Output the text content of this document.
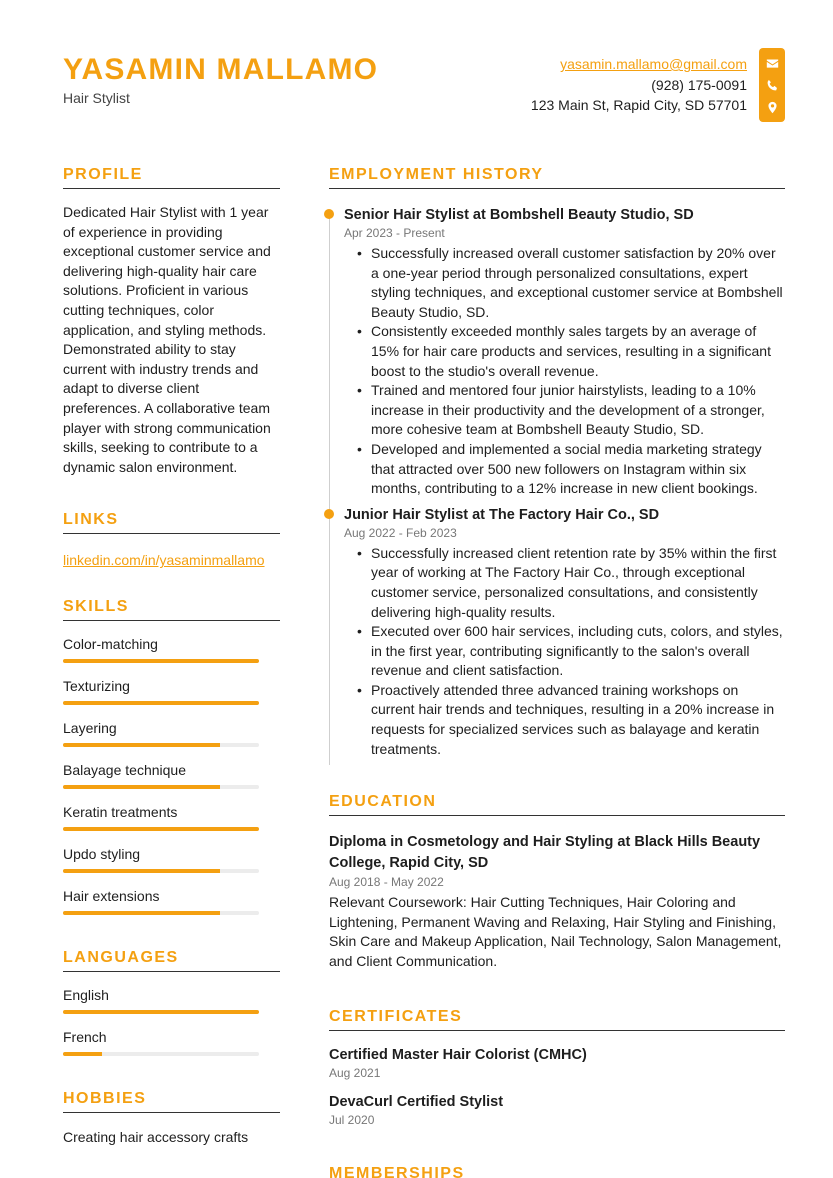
YASAMIN MALLAMO
Hair Stylist
yasamin.mallamo@gmail.com
(928) 175-0091
123 Main St, Rapid City, SD 57701
PROFILE
Dedicated Hair Stylist with 1 year of experience in providing exceptional customer service and delivering high-quality hair care solutions. Proficient in various cutting techniques, color application, and styling methods. Demonstrated ability to stay current with industry trends and adapt to diverse client preferences. A collaborative team player with strong communication skills, seeking to contribute to a dynamic salon environment.
LINKS
linkedin.com/in/yasaminmallamo
SKILLS
Color-matching
Texturizing
Layering
Balayage technique
Keratin treatments
Updo styling
Hair extensions
LANGUAGES
English
French
HOBBIES
Creating hair accessory crafts
EMPLOYMENT HISTORY
Senior Hair Stylist at Bombshell Beauty Studio, SD
Apr 2023 - Present
• Successfully increased overall customer satisfaction by 20% over a one-year period through personalized consultations, expert styling techniques, and exceptional customer service at Bombshell Beauty Studio, SD.
• Consistently exceeded monthly sales targets by an average of 15% for hair care products and services, resulting in a significant boost to the studio's overall revenue.
• Trained and mentored four junior hairstylists, leading to a 10% increase in their productivity and the development of a stronger, more cohesive team at Bombshell Beauty Studio, SD.
• Developed and implemented a social media marketing strategy that attracted over 500 new followers on Instagram within six months, contributing to a 12% increase in new client bookings.
Junior Hair Stylist at The Factory Hair Co., SD
Aug 2022 - Feb 2023
• Successfully increased client retention rate by 35% within the first year of working at The Factory Hair Co., through exceptional customer service, personalized consultations, and consistently delivering high-quality results.
• Executed over 600 hair services, including cuts, colors, and styles, in the first year, contributing significantly to the salon's overall revenue and client satisfaction.
• Proactively attended three advanced training workshops on current hair trends and techniques, resulting in a 20% increase in requests for specialized services such as balayage and keratin treatments.
EDUCATION
Diploma in Cosmetology and Hair Styling at Black Hills Beauty College, Rapid City, SD
Aug 2018 - May 2022
Relevant Coursework: Hair Cutting Techniques, Hair Coloring and Lightening, Permanent Waving and Relaxing, Hair Styling and Finishing, Skin Care and Makeup Application, Nail Technology, Salon Management, and Client Communication.
CERTIFICATES
Certified Master Hair Colorist (CMHC)
Aug 2021
DevaCurl Certified Stylist
Jul 2020
MEMBERSHIPS
